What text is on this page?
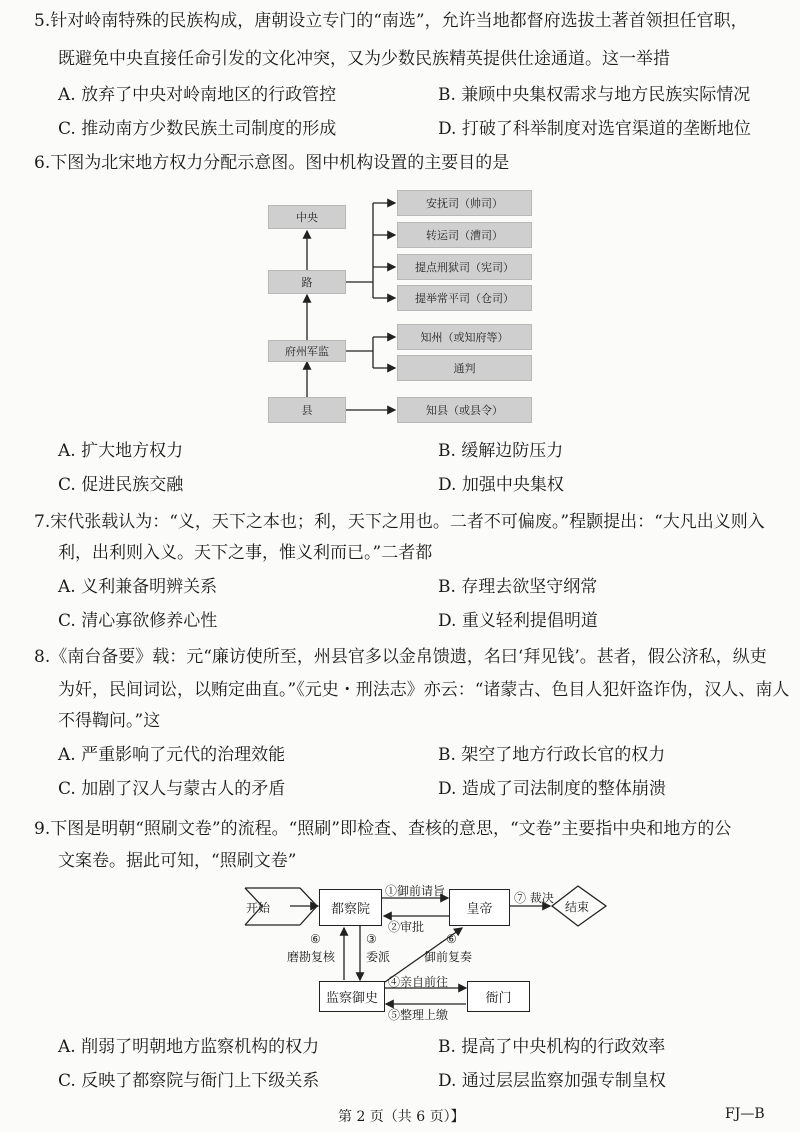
5.针对岭南特殊的民族构成，唐朝设立专门的“南选”，允许当地都督府选拔土著首领担任官职，
既避免中央直接任命引发的文化冲突，又为少数民族精英提供仕途通道。这一举措
A. 放弃了中央对岭南地区的行政管控	B. 兼顾中央集权需求与地方民族实际情况
C. 推动南方少数民族土司制度的形成	D. 打破了科举制度对选官渠道的垄断地位
6.下图为北宋地方权力分配示意图。图中机构设置的主要目的是
中央
路
府州军监
县
安抚司（帅司）
转运司（漕司）
提点刑狱司（宪司）
提举常平司（仓司）
知州（或知府等）
通判
知县（或县令）
A. 扩大地方权力	B. 缓解边防压力
C. 促进民族交融	D. 加强中央集权
7.宋代张载认为：“义，天下之本也；利，天下之用也。二者不可偏废。”程颢提出：“大凡出义则入
利，出利则入义。天下之事，惟义利而已。”二者都
A. 义利兼备明辨关系	B. 存理去欲坚守纲常
C. 清心寡欲修养心性	D. 重义轻利提倡明道
8.《南台备要》载：元“廉访使所至，州县官多以金帛馈遗，名曰‘拜见钱’。甚者，假公济私，纵吏
为奸，民间词讼，以贿定曲直。”《元史・刑法志》亦云：“诸蒙古、色目人犯奸盗诈伪，汉人、南人
不得鞫问。”这
A. 严重影响了元代的治理效能	B. 架空了地方行政长官的权力
C. 加剧了汉人与蒙古人的矛盾	D. 造成了司法制度的整体崩溃
9.下图是明朝“照刷文卷”的流程。“照刷”即检查、查核的意思，“文卷”主要指中央和地方的公
文案卷。据此可知，“照刷文卷”
开始	都察院	皇帝	结束
监察御史	衙门
①御前请旨
②审批
③
委派
⑥
磨勘复核
⑥
御前复奏
④亲自前往
⑤整理上缴
⑦ 裁决
A. 削弱了明朝地方监察机构的权力	B. 提高了中央机构的行政效率
C. 反映了都察院与衙门上下级关系	D. 通过层层监察加强专制皇权
第 2 页（共 6 页）】	FJ—B
